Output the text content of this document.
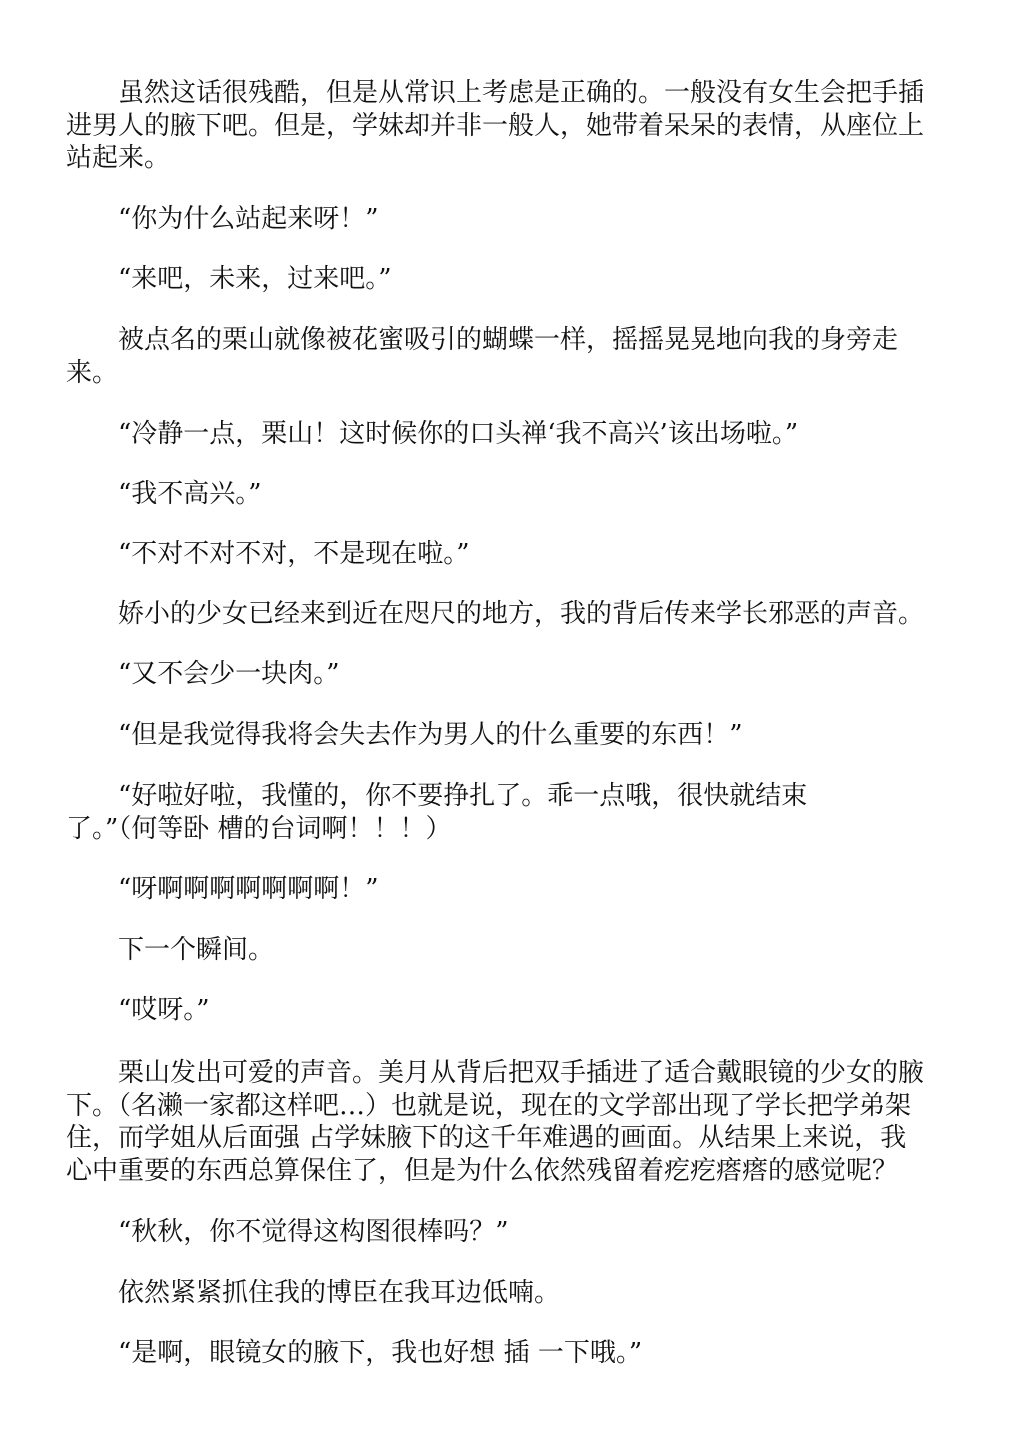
　　虽然这话很残酷，但是从常识上考虑是正确的。一般没有女生会把手插
进男人的腋下吧。但是，学妹却并非一般人，她带着呆呆的表情，从座位上
站起来。

　　“你为什么站起来呀！”

　　“来吧，未来，过来吧。”

　　被点名的栗山就像被花蜜吸引的蝴蝶一样，摇摇晃晃地向我的身旁走
来。

　　“冷静一点，栗山！这时候你的口头禅‘我不高兴’该出场啦。”

　　“我不高兴。”

　　“不对不对不对，不是现在啦。”

　　娇小的少女已经来到近在咫尺的地方，我的背后传来学长邪恶的声音。

　　“又不会少一块肉。”

　　“但是我觉得我将会失去作为男人的什么重要的东西！”

　　“好啦好啦，我懂的，你不要挣扎了。乖一点哦，很快就结束
了。”（何等卧 槽的台词啊！！！）

　　“呀啊啊啊啊啊啊啊！”

　　下一个瞬间。

　　“哎呀。”

　　栗山发出可爱的声音。美月从背后把双手插进了适合戴眼镜的少女的腋
下。（名濑一家都这样吧…）也就是说，现在的文学部出现了学长把学弟架
住，而学姐从后面强 占学妹腋下的这千年难遇的画面。从结果上来说，我
心中重要的东西总算保住了，但是为什么依然残留着疙疙瘩瘩的感觉呢？

　　“秋秋，你不觉得这构图很棒吗？”

　　依然紧紧抓住我的博臣在我耳边低喃。

　　“是啊，眼镜女的腋下，我也好想 插 一下哦。”
